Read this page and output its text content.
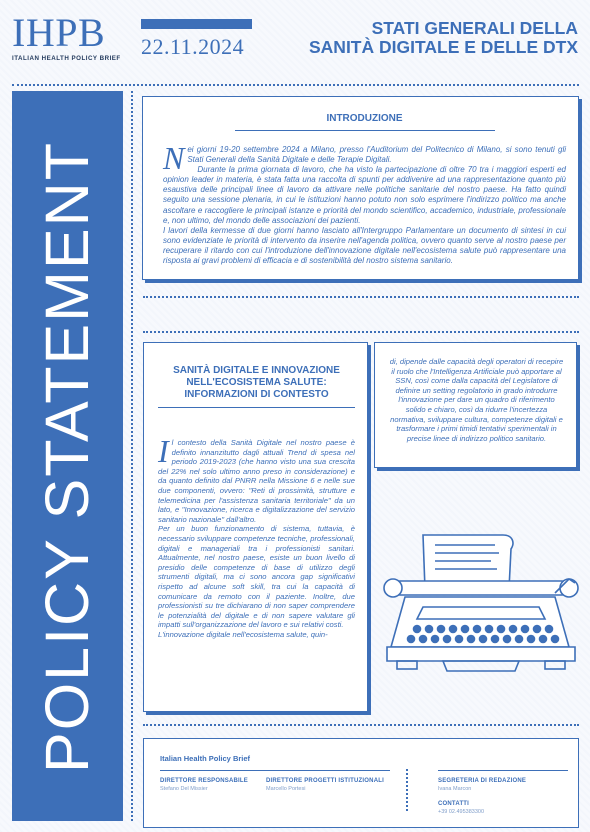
IHPB
ITALIAN HEALTH POLICY BRIEF 22.11.2024
STATI GENERALI DELLA
SANITÀ DIGITALE E DELLE DTX
POLICY STATEMENT
INTRODUZIONE
N ei giorni 19-20 settembre 2024 a Milano, presso l'Auditorium del Politecnico di Milano, si sono tenuti gli Stati Generali della Sanità Digitale e delle Terapie Digitali.

Durante la prima giornata di lavoro, che ha visto la partecipazione di oltre 70 tra i maggiori esperti ed opinion leader in materia, è stata fatta una raccolta di spunti per addivenire ad una rappresentazione quanto più esaustiva delle principali linee di lavoro da attivare nelle politiche sanitarie del nostro paese. Ha fatto quindi seguito una sessione plenaria, in cui le istituzioni hanno potuto non solo esprimere l'indirizzo politico ma anche ascoltare e raccogliere le principali istanze e priorità del mondo scientifico, accademico, industriale, professionale e, non ultimo, del mondo delle associazioni dei pazienti.

I lavori della kermesse di due giorni hanno lasciato all'Intergruppo Parlamentare un documento di sintesi in cui sono evidenziate le priorità di intervento da inserire nell'agenda politica, ovvero quanto serve al nostro paese per recuperare il ritardo con cui l'introduzione dell'innovazione digitale nell'ecosistema salute può rappresentare una risposta ai gravi problemi di efficacia e di sostenibilità del nostro sistema sanitario.

SANITÀ DIGITALE E INNOVAZIONE NELL'ECOSISTEMA SALUTE: INFORMAZIONI DI CONTESTO
I l contesto della Sanità Digitale nel nostro paese è definito innanzitutto dagli attuali Trend di spesa nel periodo 2019-2023 (che hanno visto una sua crescita del 22% nel solo ultimo anno preso in considerazione) e da quanto definito dal PNRR nella Missione 6 e nelle sue due componenti, ovvero: "Reti di prossimità, strutture e telemedicina per l'assistenza sanitaria territoriale" da un lato, e "Innovazione, ricerca e digitalizzazione del servizio sanitario nazionale" dall'altro.

Per un buon funzionamento di sistema, tuttavia, è necessario sviluppare competenze tecniche, professionali, digitali e manageriali tra i professionisti sanitari. Attualmente, nel nostro paese, esiste un buon livello di presidio delle competenze di base di utilizzo degli strumenti digitali, ma ci sono ancora gap significativi rispetto ad alcune soft skill, tra cui la capacità di comunicare da remoto con il paziente. Inoltre, due professionisti su tre dichiarano di non saper comprendere le potenzialità del digitale e di non sapere valutare gli impatti sull'organizzazione del lavoro e sui relativi costi.

L'innovazione digitale nell'ecosistema salute, quin-

di, dipende dalle capacità degli operatori di recepire il ruolo che l'Intelligenza Artificiale può apportare al SSN, così come dalla capacità del Legislatore di definire un setting regolatorio in grado introdurre l'innovazione per dare un quadro di riferimento solido e chiaro, così da ridurre l'incertezza normativa, sviluppare cultura, competenze digitali e trasformare i primi timidi tentativi sperimentali in precise linee di indirizzo politico sanitario.
Italian Health Policy Brief
DIRETTORE RESPONSABILE
Stefano Del Missier
DIRETTORE PROGETTI ISTITUZIONALI
Marcello Portesi
SEGRETERIA DI REDAZIONE
Ivana Marcon
CONTATTI
+39 02.495383300
